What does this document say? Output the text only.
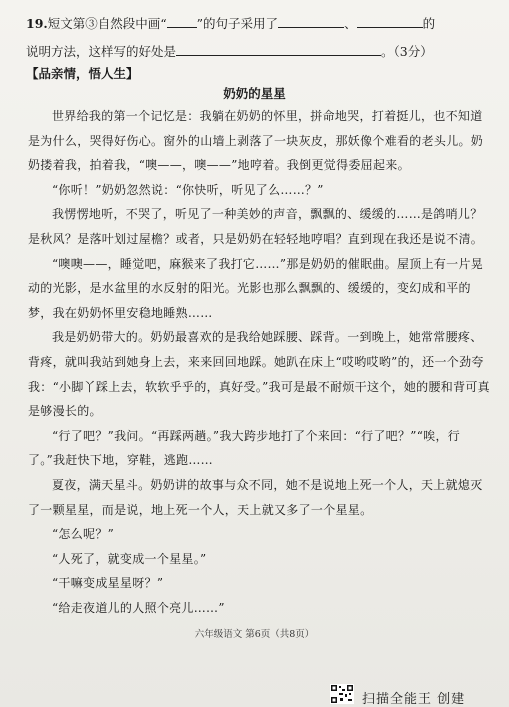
19.短文第③自然段中画“ ”的句子采用了	、	的
说明方法，这样写的好处是	。（3分）
【品亲情，悟人生】
奶奶的星星

世界给我的第一个记忆是：我躺在奶奶的怀里，拼命地哭，打着挺儿，也不知道是为什么，哭得好伤心。窗外的山墙上剥落了一块灰皮，那妖像个难看的老头儿。奶奶搂着我，拍着我，“噢——，噢——”地哼着。我倒更觉得委屈起来。

“你听！”奶奶忽然说：“你快听，听见了么……？”

我愣愣地听，不哭了，听见了一种美妙的声音，飘飘的、缓缓的……是鸽哨儿？是秋风？是落叶划过屋檐？或者，只是奶奶在轻轻地哼唱？直到现在我还是说不清。

“噢噢——，睡觉吧，麻猴来了我打它……”那是奶奶的催眠曲。屋顶上有一片晃动的光影，是水盆里的水反射的阳光。光影也那么飘飘的、缓缓的，变幻成和平的梦，我在奶奶怀里安稳地睡熟……

我是奶奶带大的。奶奶最喜欢的是我给她踩腰、踩背。一到晚上，她常常腰疼、背疼，就叫我站到她身上去，来来回回地踩。她趴在床上“哎哟哎哟”的，还一个劲夸我：“小脚丫踩上去，软软乎乎的，真好受。”我可是最不耐烦干这个，她的腰和背可真是够漫长的。

“行了吧？”我问。“再踩两趟。”我大跨步地打了个来回：“行了吧？”“唉，行了。”我赶快下地，穿鞋，逃跑……

夏夜，满天星斗。奶奶讲的故事与众不同，她不是说地上死一个人，天上就熄灭了一颗星星，而是说，地上死一个人，天上就又多了一个星星。

“怎么呢？”

“人死了，就变成一个星星。”

“干嘛变成星星呀？”

“给走夜道儿的人照个亮儿……”

六年级语文 第6页（共8页）
扫描全能王 创建
